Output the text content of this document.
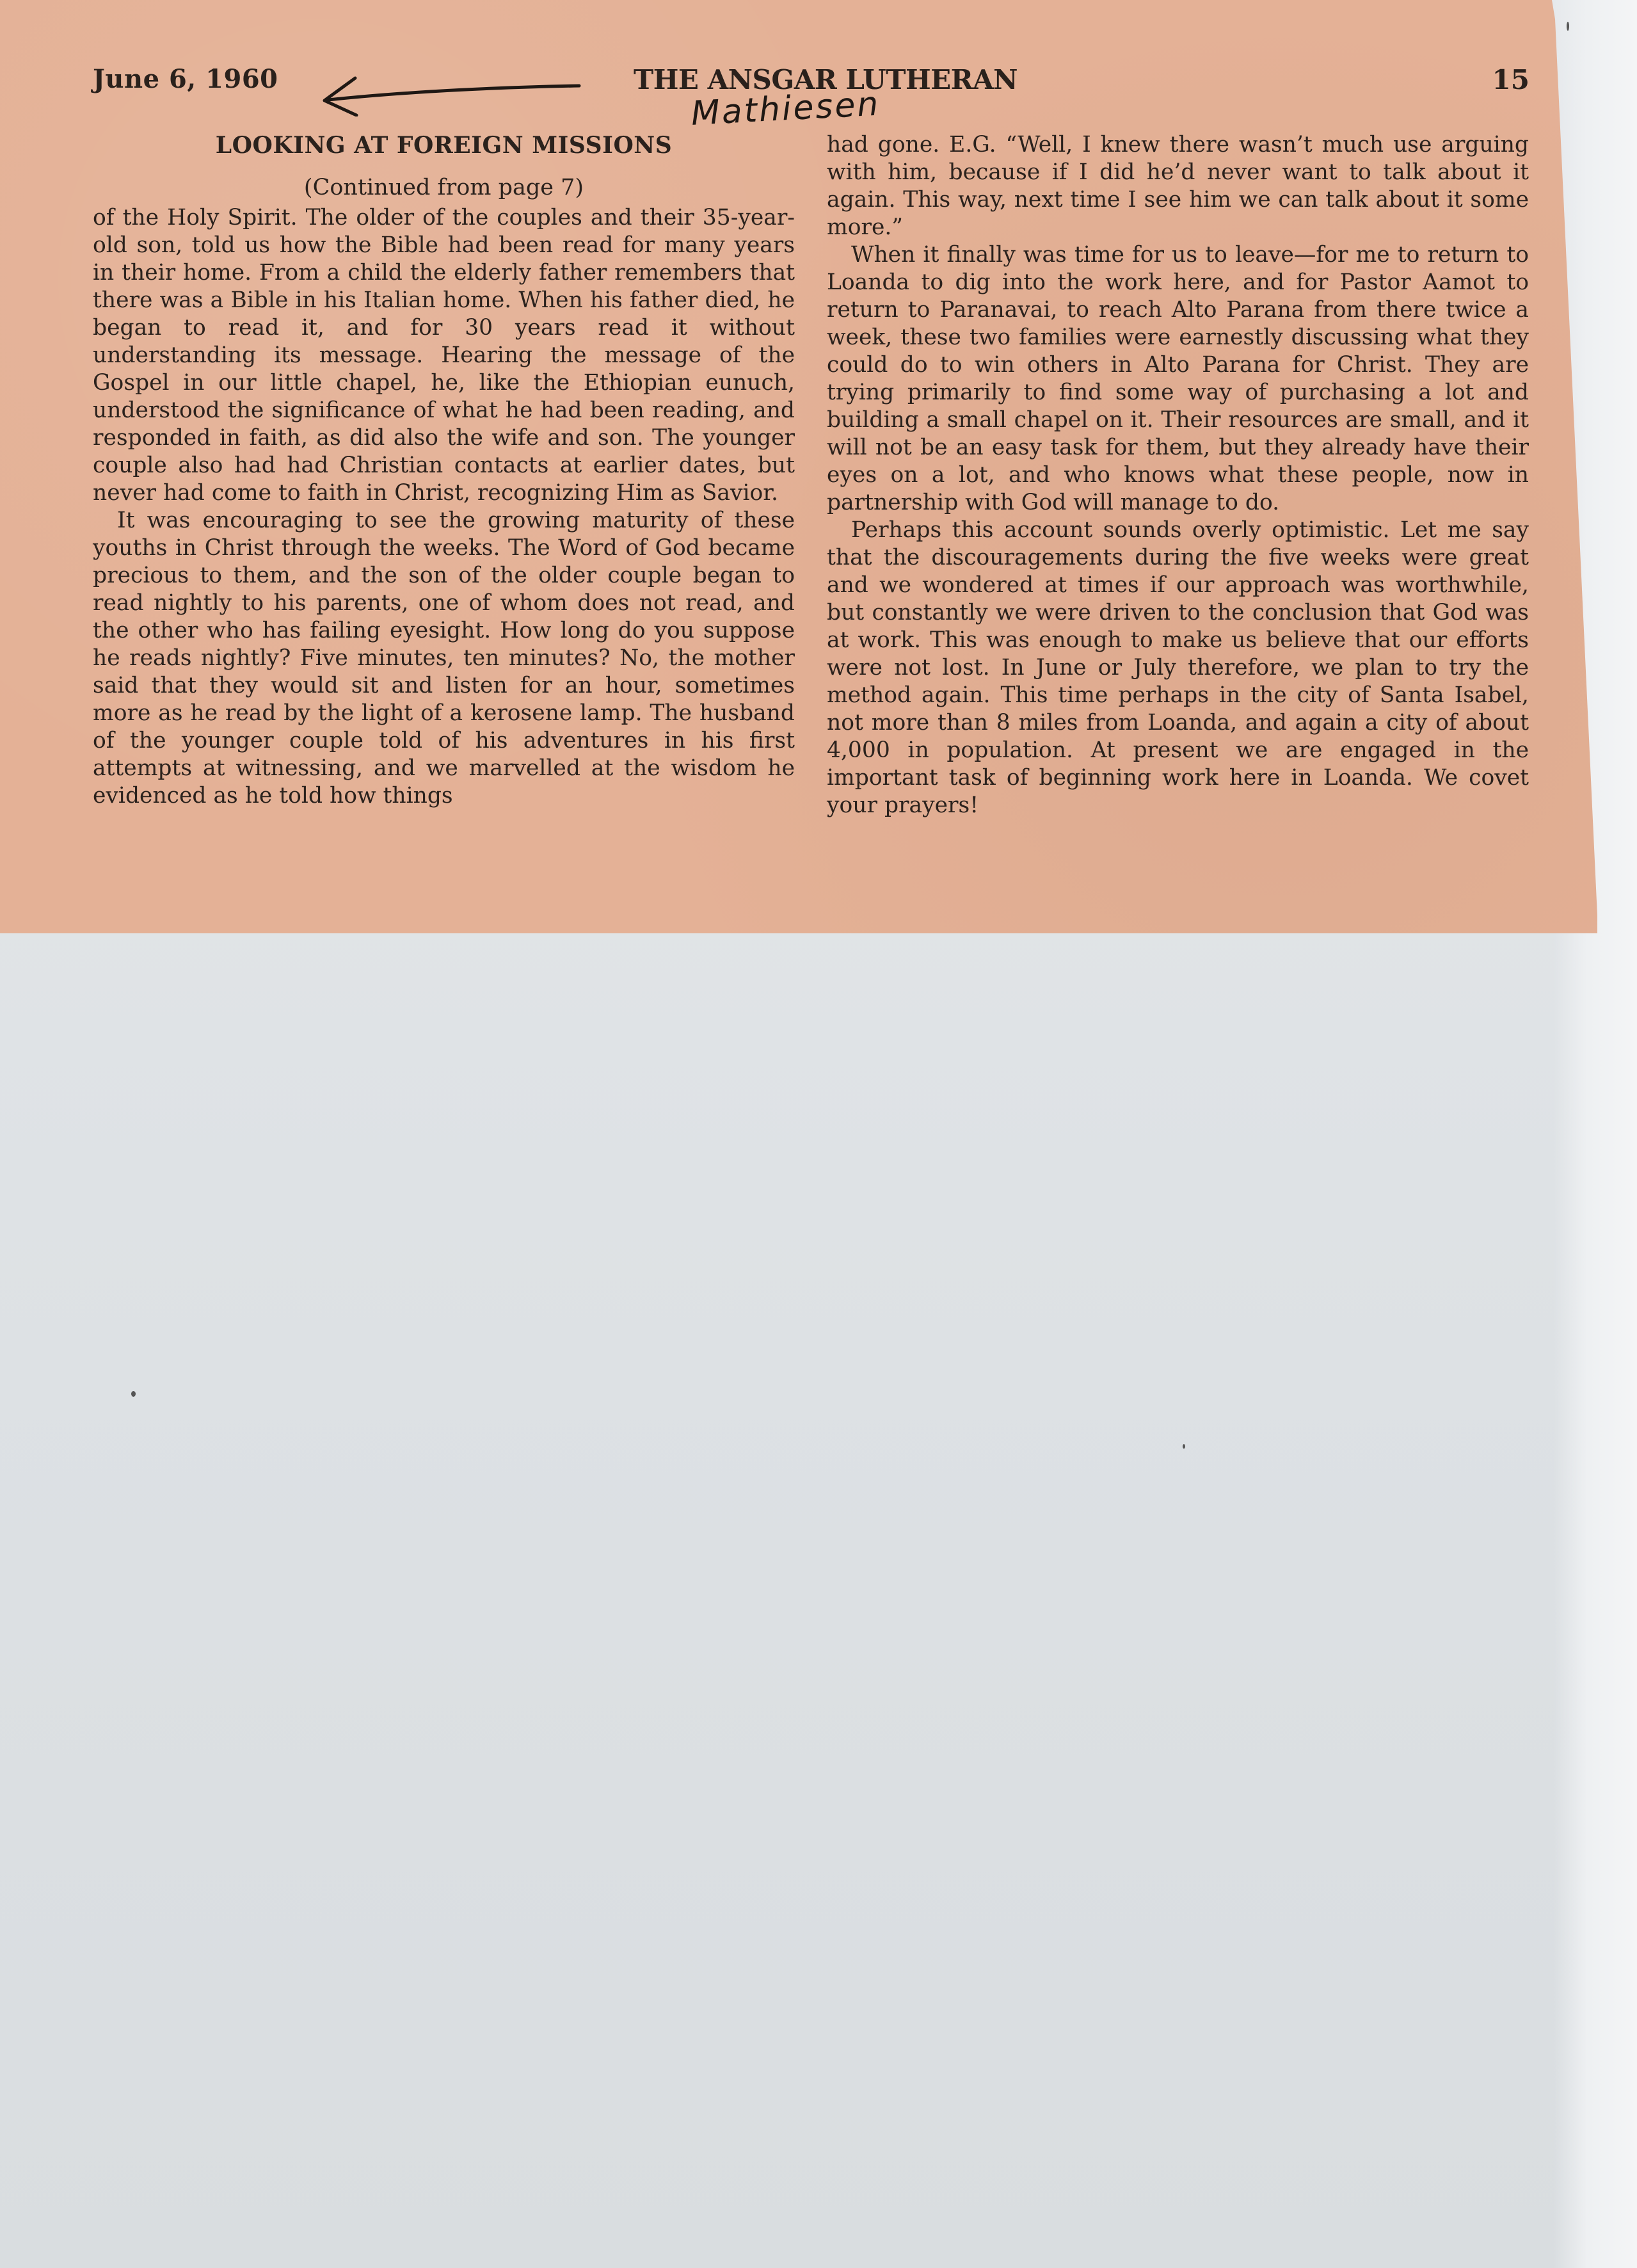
June 6, 1960	THE ANSGAR LUTHERAN	15
Mathiesen
LOOKING AT FOREIGN MISSIONS
(Continued from page 7)

of the Holy Spirit. The older of the couples and their 35-year-old son, told us how the Bible had been read for many years in their home. From a child the elderly father remembers that there was a Bible in his Italian home. When his father died, he began to read it, and for 30 years read it without understanding its message. Hearing the message of the Gospel in our little chapel, he, like the Ethiopian eunuch, understood the significance of what he had been reading, and responded in faith, as did also the wife and son. The younger couple also had had Christian contacts at earlier dates, but never had come to faith in Christ, recognizing Him as Savior.

It was encouraging to see the growing maturity of these youths in Christ through the weeks. The Word of God became precious to them, and the son of the older couple began to read nightly to his parents, one of whom does not read, and the other who has failing eyesight. How long do you suppose he reads nightly? Five minutes, ten minutes? No, the mother said that they would sit and listen for an hour, sometimes more as he read by the light of a kerosene lamp. The husband of the younger couple told of his adventures in his first attempts at witnessing, and we marvelled at the wisdom he evidenced as he told how things

had gone. E.G. “Well, I knew there wasn’t much use arguing with him, because if I did he’d never want to talk about it again. This way, next time I see him we can talk about it some more.”

When it finally was time for us to leave—for me to return to Loanda to dig into the work here, and for Pastor Aamot to return to Paranavai, to reach Alto Parana from there twice a week, these two families were earnestly discussing what they could do to win others in Alto Parana for Christ. They are trying primarily to find some way of purchasing a lot and building a small chapel on it. Their resources are small, and it will not be an easy task for them, but they already have their eyes on a lot, and who knows what these people, now in partnership with God will manage to do.

Perhaps this account sounds overly optimistic. Let me say that the discouragements during the five weeks were great and we wondered at times if our approach was worthwhile, but constantly we were driven to the conclusion that God was at work. This was enough to make us believe that our efforts were not lost. In June or July therefore, we plan to try the method again. This time perhaps in the city of Santa Isabel, not more than 8 miles from Loanda, and again a city of about 4,000 in population. At present we are engaged in the important task of beginning work here in Loanda. We covet your prayers!
